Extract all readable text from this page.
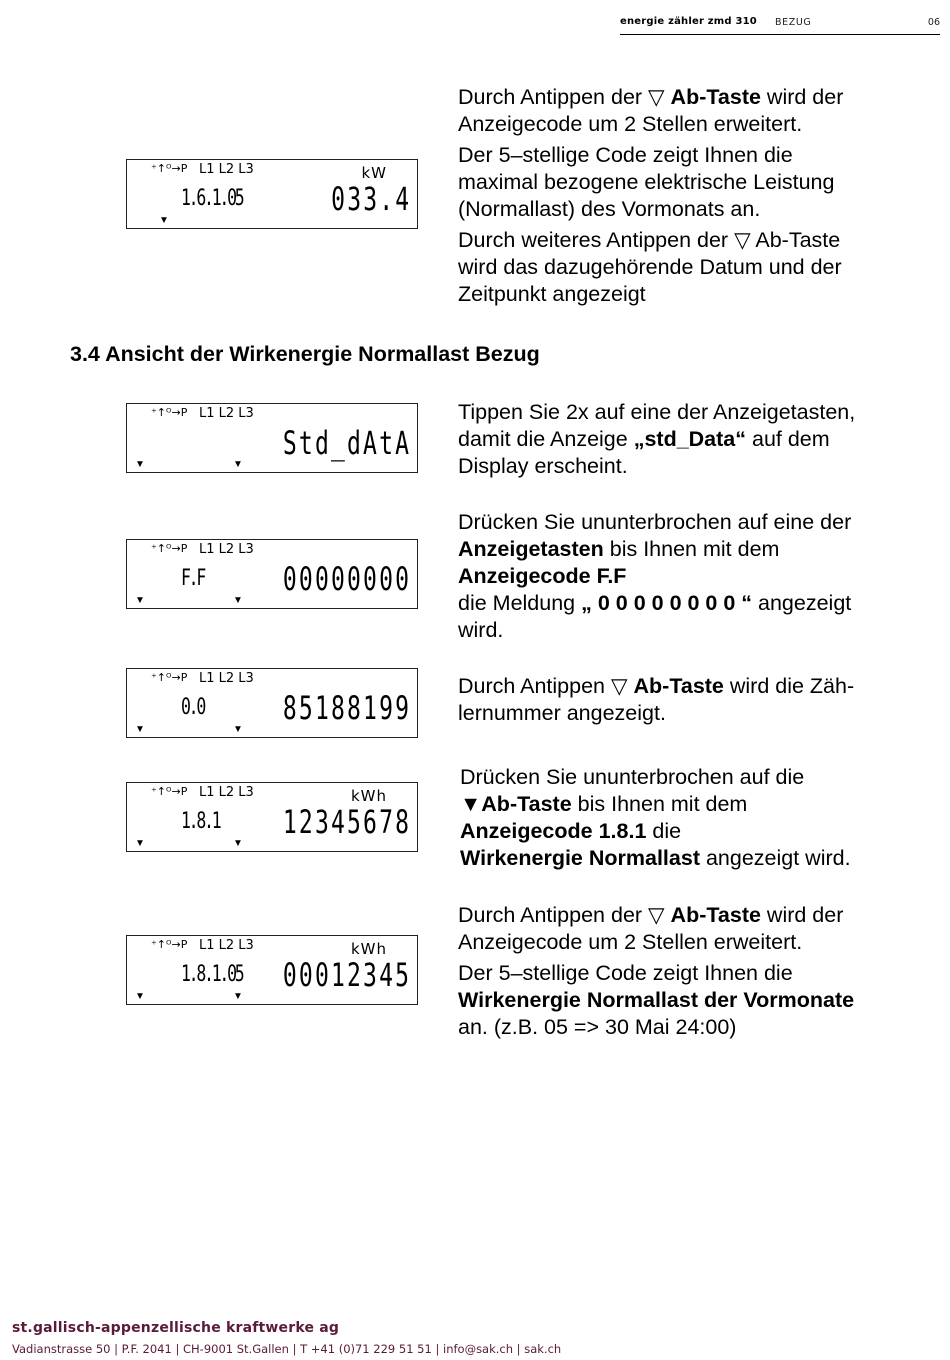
energie zähler zmd 310 BEZUG	06
⁺↑ᴼ→P L1 L2 L3	kW
1.6.1.05	033.4
▼

Durch Antippen der ▽ Ab-Taste wird der

Anzeigecode um 2 Stellen erweitert.

Der 5–stellige Code zeigt Ihnen die

maximal bezogene elektrische Leistung

(Normallast) des Vormonats an.

Durch weiteres Antippen der ▽ Ab-Taste

wird das dazugehörende Datum und der

Zeitpunkt angezeigt

3.4 Ansicht der Wirkenergie Normallast Bezug
⁺↑ᴼ→P L1 L2 L3
Std_dAtA
▼	▼

Tippen Sie 2x auf eine der Anzeigetasten,

damit die Anzeige „std_Data“ auf dem

Display erscheint.

⁺↑ᴼ→P L1 L2 L3
F.F 00000000
▼	▼

Drücken Sie ununterbrochen auf eine der

Anzeigetasten bis Ihnen mit dem

Anzeigecode F.F

die Meldung „ 0 0 0 0 0 0 0 0 “ angezeigt

wird.

⁺↑ᴼ→P L1 L2 L3
0.0 85188199
▼	▼

Durch Antippen ▽ Ab-Taste wird die Zäh-

lernummer angezeigt.

⁺↑ᴼ→P L1 L2 L3	kWh
1.8.1 12345678
▼	▼

Drücken Sie ununterbrochen auf die

▼Ab-Taste bis Ihnen mit dem

Anzeigecode 1.8.1 die

Wirkenergie Normallast angezeigt wird.

⁺↑ᴼ→P L1 L2 L3	kWh
1.8.1.05 00012345
▼	▼

Durch Antippen der ▽ Ab-Taste wird der

Anzeigecode um 2 Stellen erweitert.

Der 5–stellige Code zeigt Ihnen die

Wirkenergie Normallast der Vormonate

an. (z.B. 05 => 30 Mai 24:00)

st.gallisch-appenzellische kraftwerke ag
Vadianstrasse 50 | P.F. 2041 | CH-9001 St.Gallen | T +41 (0)71 229 51 51 | info@sak.ch | sak.ch
